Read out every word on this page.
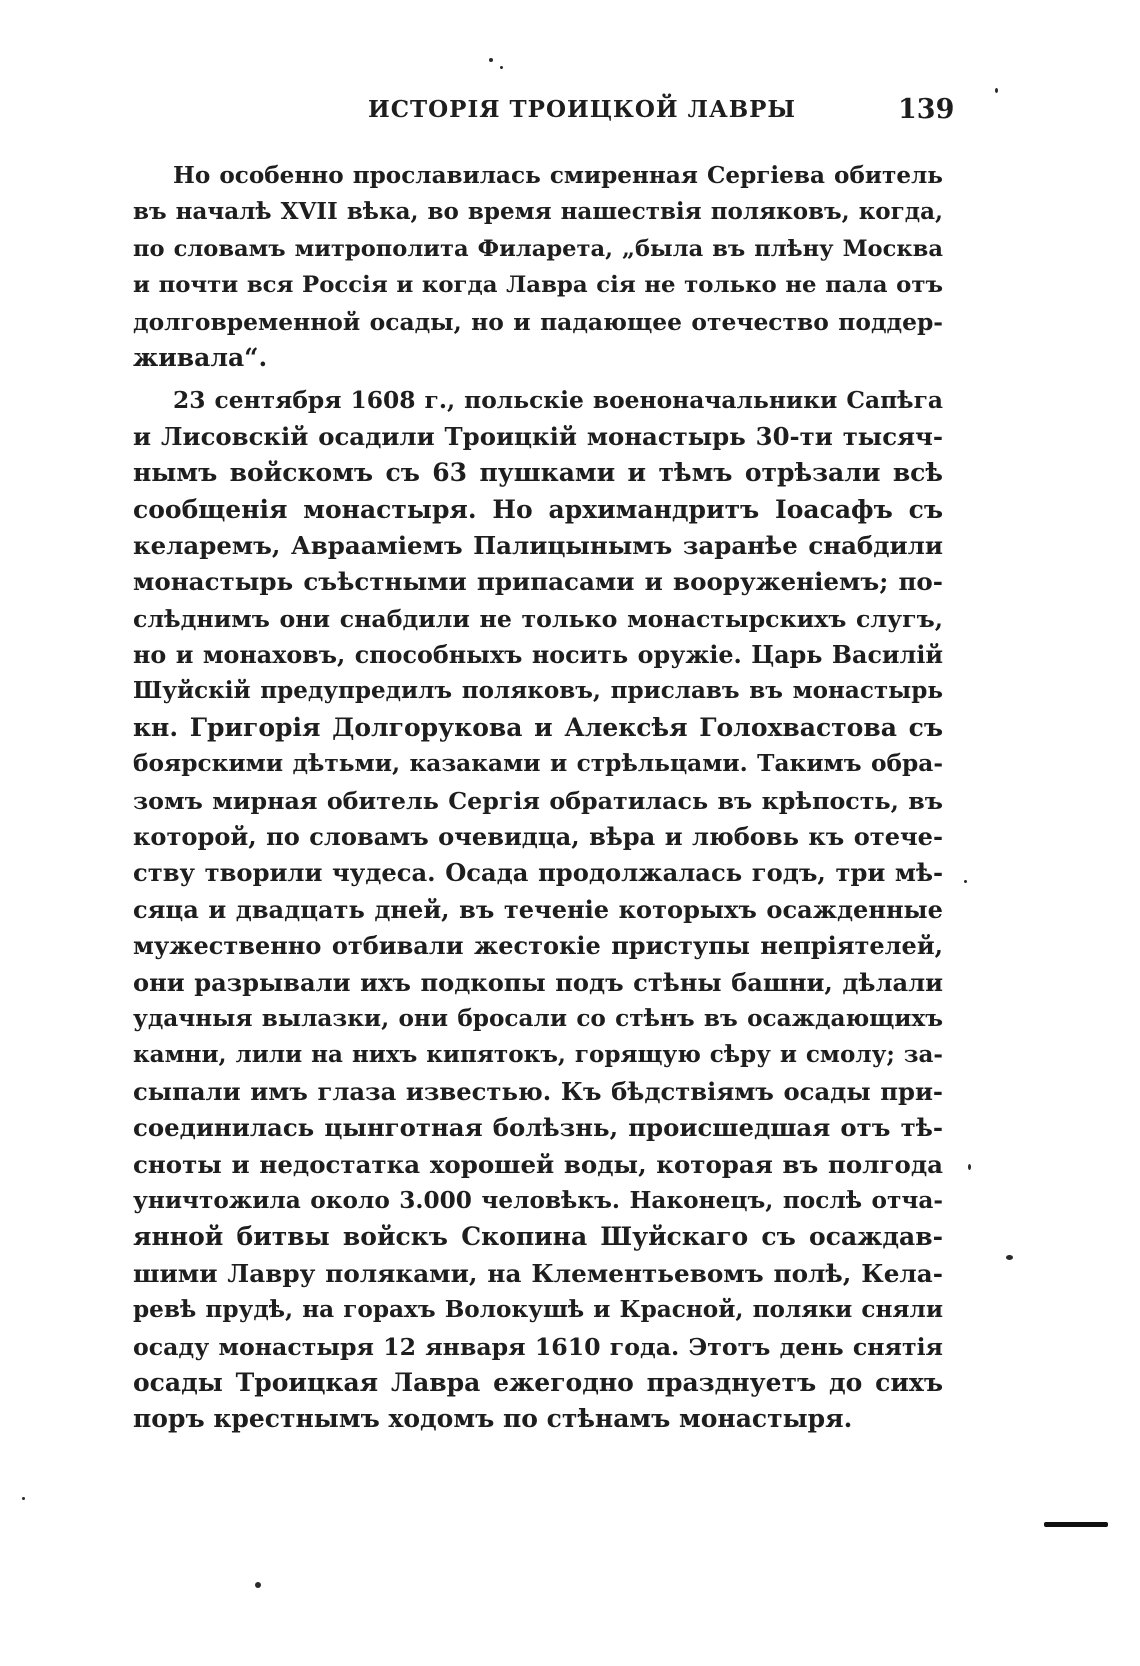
ИСТОРІЯ ТРОИЦКОЙ ЛАВРЫ	139
Но особенно прославилась смиренная Сергіева обитель
въ началѣ XVII вѣка, во время нашествія поляковъ, когда,
по словамъ митрополита Филарета, „была въ плѣну Москва
и почти вся Россія и когда Лавра сія не только не пала отъ
долговременной осады, но и падающее отечество поддер-
живала“.
23 сентября 1608 г., польскіе военоначальники Сапѣга
и Лисовскій осадили Троицкій монастырь 30-ти тысяч-
нымъ войскомъ съ 63 пушками и тѣмъ отрѣзали всѣ
сообщенія монастыря. Но архимандритъ Іоасафъ съ
келаремъ, Авраамiемъ Палицынымъ заранѣе снабдили
монастырь съѣстными припасами и вооруженіемъ; по-
слѣднимъ они снабдили не только монастырскихъ слугъ,
но и монаховъ, способныхъ носить оружіе. Царь Василій
Шуйскій предупредилъ поляковъ, приславъ въ монастырь
кн. Григорія Долгорукова и Алексѣя Голохвастова съ
боярскими дѣтьми, казаками и стрѣльцами. Такимъ обра-
зомъ мирная обитель Сергія обратилась въ крѣпость, въ
которой, по словамъ очевидца, вѣра и любовь къ отече-
ству творили чудеса. Осада продолжалась годъ, три мѣ-
сяца и двадцать дней, въ теченіе которыхъ осажденные
мужественно отбивали жестокіе приступы непріятелей,
они разрывали ихъ подкопы подъ стѣны башни, дѣлали
удачныя вылазки, они бросали со стѣнъ въ осаждающихъ
камни, лили на нихъ кипятокъ, горящую сѣру и смолу; за-
сыпали имъ глаза известью. Къ бѣдствіямъ осады при-
соединилась цынготная болѣзнь, происшедшая отъ тѣ-
сноты и недостатка хорошей воды, которая въ полгода
уничтожила около 3.000 человѣкъ. Наконецъ, послѣ отча-
янной битвы войскъ Скопина Шуйскаго съ осаждав-
шими Лавру поляками, на Клементьевомъ полѣ, Кела-
ревѣ прудѣ, на горахъ Волокушѣ и Красной, поляки сняли
осаду монастыря 12 января 1610 года. Этотъ день снятія
осады Троицкая Лавра ежегодно празднуетъ до сихъ
поръ крестнымъ ходомъ по стѣнамъ монастыря.
